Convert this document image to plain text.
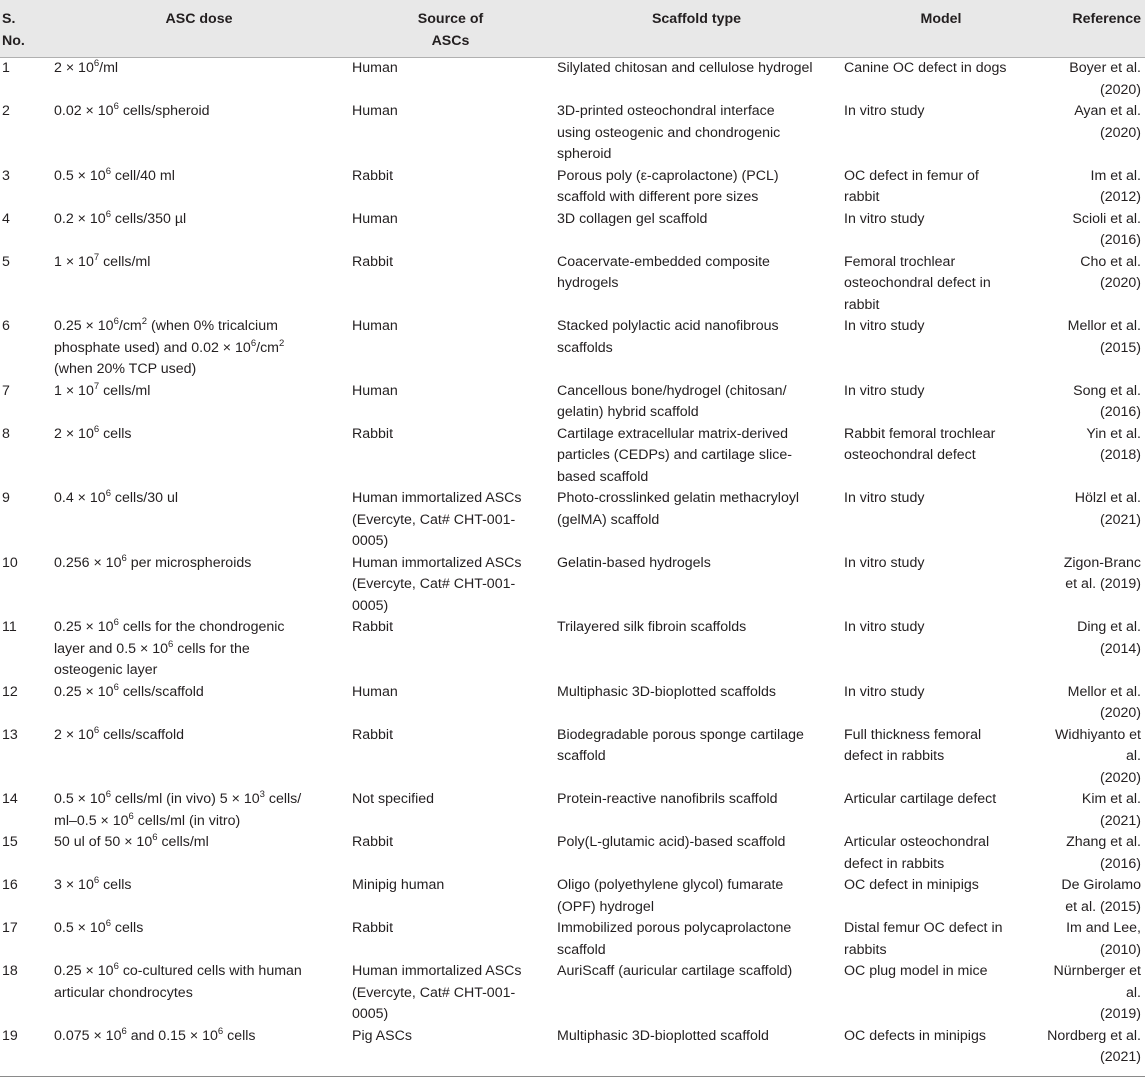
S.
No.	ASC dose	Source of
ASCs	Scaffold type	Model	Reference
1	$2 \times 10^6/ml$	Human	Silylated chitosan and cellulose hydrogel	Canine OC defect in dogs	Boyer et al.
(2020)
2	$0.02 \times 10^6$ cells/spheroid	Human	3D-printed osteochondral interface
using osteogenic and chondrogenic
spheroid	In vitro study	Ayan et al. (2020)
3	$0.5 \times 10^6$ cell/40 ml	Rabbit	Porous poly (ε-caprolactone) (PCL)
scaffold with different pore sizes	OC defect in femur of
rabbit	Im et al. (2012)
4	$0.2 \times 10^6$ cells/350 µl	Human	3D collagen gel scaffold	In vitro study	Scioli et al.
(2016)
5	$1 \times 10^7$ cells/ml	Rabbit	Coacervate-embedded composite
hydrogels	Femoral trochlear
osteochondral defect in
rabbit	Cho et al. (2020)
6	$0.25 \times 10^6/cm^2$ (when 0% tricalcium
phosphate used) and $0.02 \times 10^6/cm^2$
(when 20% TCP used)	Human	Stacked polylactic acid nanofibrous
scaffolds	In vitro study	Mellor et al.
(2015)
7	$1 \times 10^7$ cells/ml	Human	Cancellous bone/hydrogel (chitosan/
gelatin) hybrid scaffold	In vitro study	Song et al.
(2016)
8	$2 \times 10^6$ cells	Rabbit	Cartilage extracellular matrix-derived
particles (CEDPs) and cartilage slice-
based scaffold	Rabbit femoral trochlear
osteochondral defect	Yin et al. (2018)
9	$0.4 \times 10^6$ cells/30 ul	Human immortalized ASCs
(Evercyte, Cat# CHT-001-
0005)	Photo-crosslinked gelatin methacryloyl
(gelMA) scaffold	In vitro study	Hölzl et al. (2021)
10	$0.256 \times 10^6$ per microspheroids	Human immortalized ASCs
(Evercyte, Cat# CHT-001-
0005)	Gelatin-based hydrogels	In vitro study	Zigon-Branc
et al. (2019)
11	$0.25 \times 10^6$ cells for the chondrogenic
layer and $0.5 \times 10^6$ cells for the
osteogenic layer	Rabbit	Trilayered silk fibroin scaffolds	In vitro study	Ding et al. (2014)
12	$0.25 \times 10^6$ cells/scaffold	Human	Multiphasic 3D-bioplotted scaffolds	In vitro study	Mellor et al.
(2020)
13	$2 \times 10^6$ cells/scaffold	Rabbit	Biodegradable porous sponge cartilage
scaffold	Full thickness femoral
defect in rabbits	Widhiyanto et al.
(2020)
14	$0.5 \times 10^6$ cells/ml (in vivo) $5 \times 10^3$ cells/
$ml-0.5 \times 10^6$ cells/ml (in vitro)	Not specified	Protein-reactive nanofibrils scaffold	Articular cartilage defect	Kim et al. (2021)
15	50 ul of $50 \times 10^6$ cells/ml	Rabbit	Poly(L-glutamic acid)-based scaffold	Articular osteochondral
defect in rabbits	Zhang et al.
(2016)
16	$3 \times 10^6$ cells	Minipig human	Oligo (polyethylene glycol) fumarate
(OPF) hydrogel	OC defect in minipigs	De Girolamo
et al. (2015)
17	$0.5 \times 10^6$ cells	Rabbit	Immobilized porous polycaprolactone
scaffold	Distal femur OC defect in
rabbits	Im and Lee,
(2010)
18	$0.25 \times 10^6$ co-cultured cells with human
articular chondrocytes	Human immortalized ASCs
(Evercyte, Cat# CHT-001-
0005)	AuriScaff (auricular cartilage scaffold)	OC plug model in mice	Nürnberger et al.
(2019)
19	$0.075 \times 10^6$ and $0.15 \times 10^6$ cells	Pig ASCs	Multiphasic 3D-bioplotted scaffold	OC defects in minipigs	Nordberg et al.
(2021)
